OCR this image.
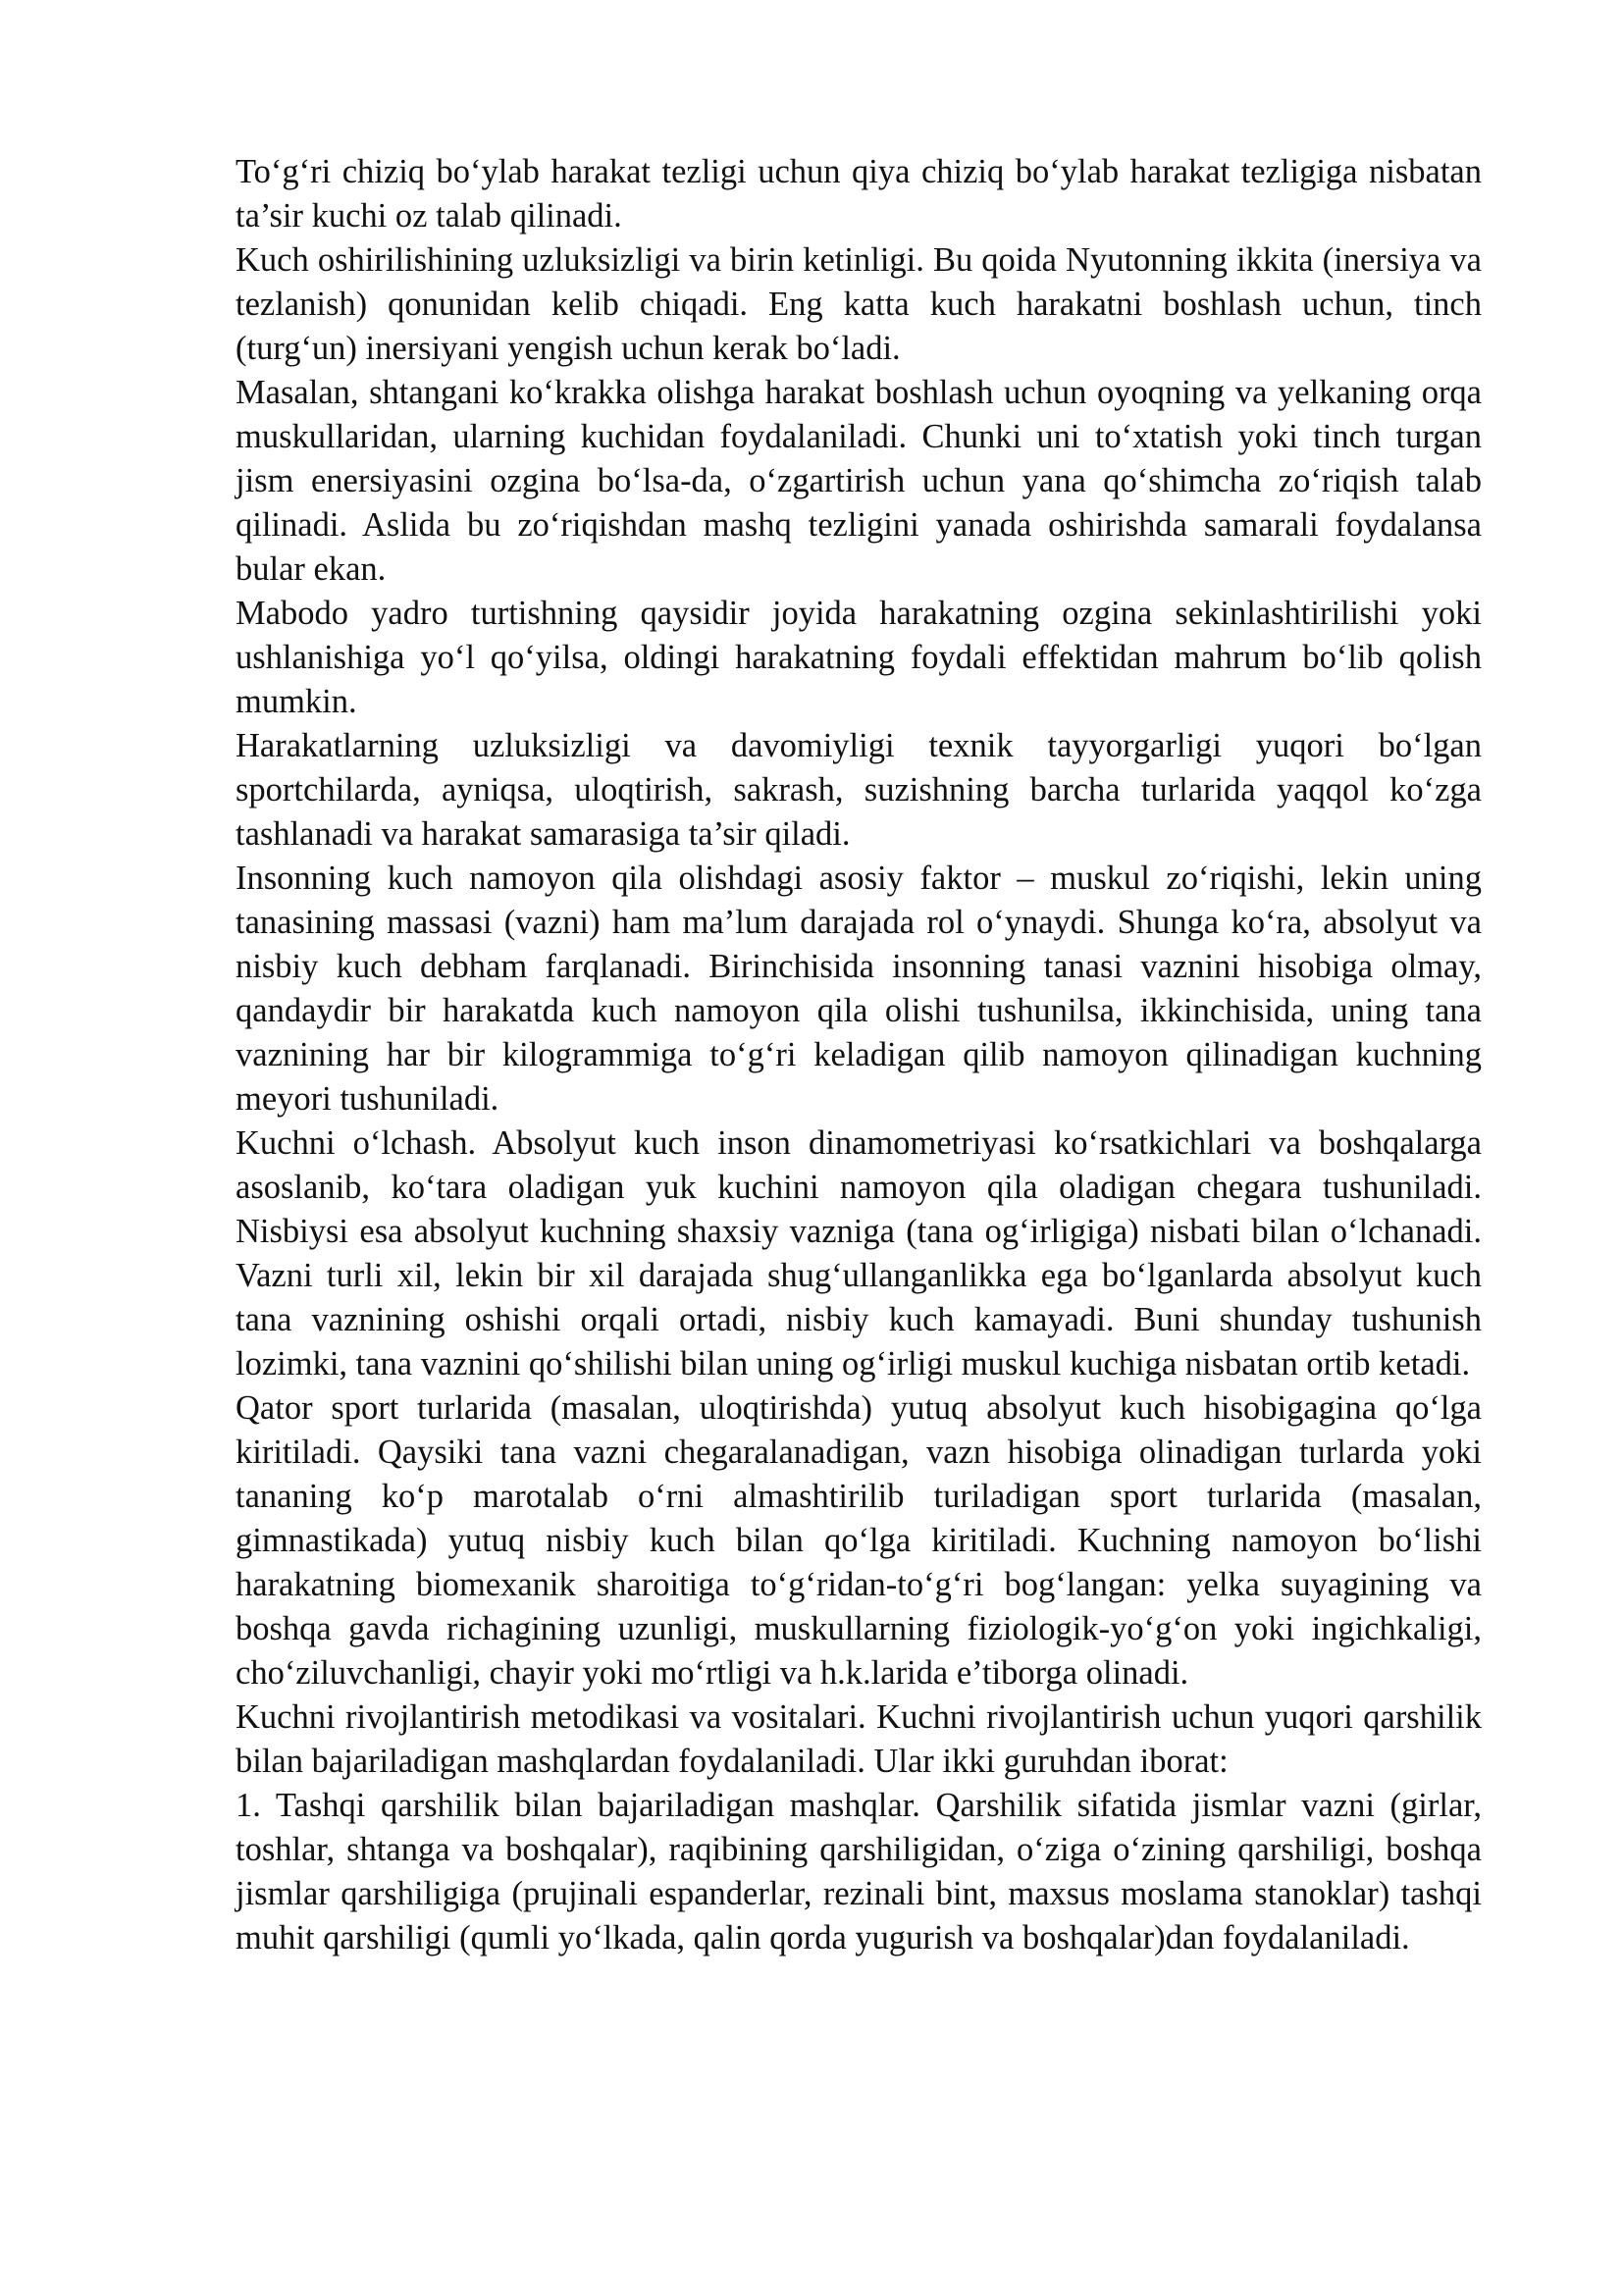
To‘g‘ri chiziq bo‘ylab harakat tezligi uchun qiya chiziq bo‘ylab harakat tezligiga nisbatan ta’sir kuchi oz talab qilinadi.

Kuch oshirilishining uzluksizligi va birin ketinligi. Bu qoida Nyutonning ikkita (inersiya va tezlanish) qonunidan kelib chiqadi. Eng katta kuch harakatni boshlash uchun, tinch (turg‘un) inersiyani yengish uchun kerak bo‘ladi.

Masalan, shtangani ko‘krakka olishga harakat boshlash uchun oyoqning va yelkaning orqa muskullaridan, ularning kuchidan foydalaniladi. Chunki uni to‘xtatish yoki tinch turgan jism enersiyasini ozgina bo‘lsa-da, o‘zgartirish uchun yana qo‘shimcha zo‘riqish talab qilinadi. Aslida bu zo‘riqishdan mashq tezligini yanada oshirishda samarali foydalansa bular ekan.

Mabodo yadro turtishning qaysidir joyida harakatning ozgina sekinlashtirilishi yoki ushlanishiga yo‘l qo‘yilsa, oldingi harakatning foydali effektidan mahrum bo‘lib qolish mumkin.

Harakatlarning uzluksizligi va davomiyligi texnik tayyorgarligi yuqori bo‘lgan sportchilarda, ayniqsa, uloqtirish, sakrash, suzishning barcha turlarida yaqqol ko‘zga tashlanadi va harakat samarasiga ta’sir qiladi.

Insonning kuch namoyon qila olishdagi asosiy faktor – muskul zo‘riqishi, lekin uning tanasining massasi (vazni) ham ma’lum darajada rol o‘ynaydi. Shunga ko‘ra, absolyut va nisbiy kuch debham farqlanadi. Birinchisida insonning tanasi vaznini hisobiga olmay, qandaydir bir harakatda kuch namoyon qila olishi tushunilsa, ikkinchisida, uning tana vaznining har bir kilogrammiga to‘g‘ri keladigan qilib namoyon qilinadigan kuchning meyori tushuniladi.

Kuchni o‘lchash. Absolyut kuch inson dinamometriyasi ko‘rsatkichlari va boshqalarga asoslanib, ko‘tara oladigan yuk kuchini namoyon qila oladigan chegara tushuniladi. Nisbiysi esa absolyut kuchning shaxsiy vazniga (tana og‘irligiga) nisbati bilan o‘lchanadi. Vazni turli xil, lekin bir xil darajada shug‘ullanganlikka ega bo‘lganlarda absolyut kuch tana vaznining oshishi orqali ortadi, nisbiy kuch kamayadi. Buni shunday tushunish lozimki, tana vaznini qo‘shilishi bilan uning og‘irligi muskul kuchiga nisbatan ortib ketadi.

Qator sport turlarida (masalan, uloqtirishda) yutuq absolyut kuch hisobigagina qo‘lga kiritiladi. Qaysiki tana vazni chegaralanadigan, vazn hisobiga olinadigan turlarda yoki tananing ko‘p marotalab o‘rni almashtirilib turiladigan sport turlarida (masalan, gimnastikada) yutuq nisbiy kuch bilan qo‘lga kiritiladi. Kuchning namoyon bo‘lishi harakatning biomexanik sharoitiga to‘g‘ridan-to‘g‘ri bog‘langan: yelka suyagining va boshqa gavda richagining uzunligi, muskullarning fiziologik-yo‘g‘on yoki ingichkaligi, cho‘ziluvchanligi, chayir yoki mo‘rtligi va h.k.larida e’tiborga olinadi.

Kuchni rivojlantirish metodikasi va vositalari. Kuchni rivojlantirish uchun yuqori qarshilik bilan bajariladigan mashqlardan foydalaniladi. Ular ikki guruhdan iborat:

1. Tashqi qarshilik bilan bajariladigan mashqlar. Qarshilik sifatida jismlar vazni (girlar, toshlar, shtanga va boshqalar), raqibining qarshiligidan, o‘ziga o‘zining qarshiligi, boshqa jismlar qarshiligiga (prujinali espanderlar, rezinali bint, maxsus moslama stanoklar) tashqi muhit qarshiligi (qumli yo‘lkada, qalin qorda yugurish va boshqalar)dan foydalaniladi.
